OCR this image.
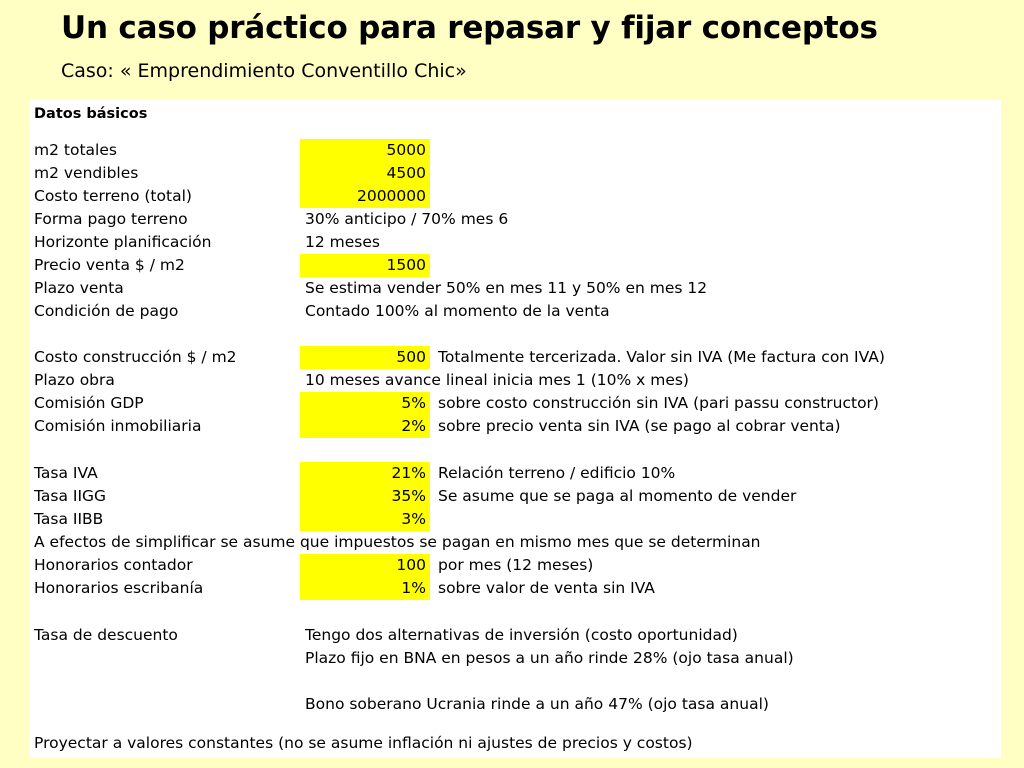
Un caso práctico para repasar y fijar conceptos
Caso: « Emprendimiento Conventillo Chic»
Datos básicos
m2 totales	5000
m2 vendibles	4500
Costo terreno (total)	2000000
Forma pago terreno	30% anticipo / 70% mes 6
Horizonte planificación	12 meses
Precio venta $ / m2	1500
Plazo venta	Se estima vender 50% en mes 11 y 50% en mes 12
Condición de pago	Contado 100% al momento de la venta
Costo construcción $ / m2	500 Totalmente tercerizada. Valor sin IVA (Me factura con IVA)
Plazo obra	10 meses avance lineal inicia mes 1 (10% x mes)
Comisión GDP	5% sobre costo construcción sin IVA (pari passu constructor)
Comisión inmobiliaria	2% sobre precio venta sin IVA (se pago al cobrar venta)
Tasa IVA	21% Relación terreno / edificio 10%
Tasa IIGG	35% Se asume que se paga al momento de vender
Tasa IIBB	3%
A efectos de simplificar se asume que impuestos se pagan en mismo mes que se determinan
Honorarios contador	100 por mes (12 meses)
Honorarios escribanía	1% sobre valor de venta sin IVA
Tasa de descuento	Tengo dos alternativas de inversión (costo oportunidad)
Plazo fijo en BNA en pesos a un año rinde 28% (ojo tasa anual)
Bono soberano Ucrania rinde a un año 47% (ojo tasa anual)
Proyectar a valores constantes (no se asume inflación ni ajustes de precios y costos)
